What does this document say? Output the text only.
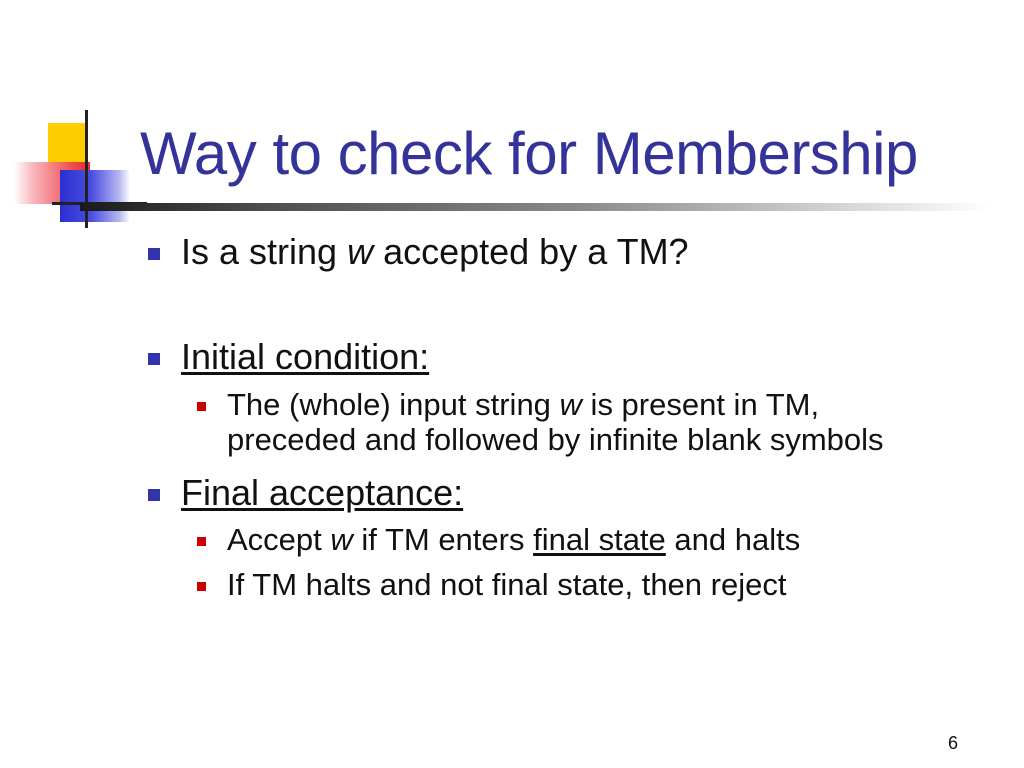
Way to check for Membership

Is a string w accepted by a TM?

Initial condition:

The (whole) input string w is present in TM,
preceded and followed by infinite blank symbols

Final acceptance:

Accept w if TM enters final state and halts

If TM halts and not final state, then reject

6
